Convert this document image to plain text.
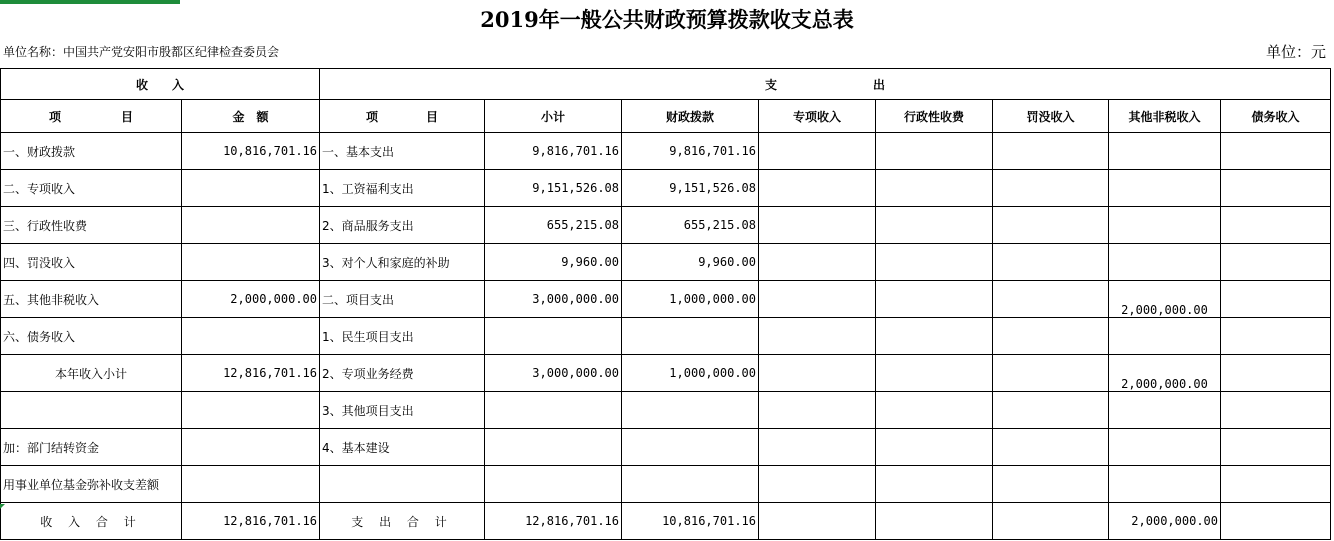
2019年一般公共财政预算拨款收支总表
单位名称：中国共产党安阳市殷都区纪律检查委员会	单位：元
收　　入		支　　　　　　　　出							
项　　　　　目	金　额	项　　　　目	小计	财政拨款	专项收入	行政性收费	罚没收入	其他非税收入	债务收入
一、财政拨款	10,816,701.16	一、基本支出	9,816,701.16	9,816,701.16					
二、专项收入		1、工资福利支出	9,151,526.08	9,151,526.08					
三、行政性收费		2、商品服务支出	655,215.08	655,215.08					
四、罚没收入		3、对个人和家庭的补助	9,960.00	9,960.00					
五、其他非税收入	2,000,000.00	二、项目支出	3,000,000.00	1,000,000.00				2,000,000.00	
六、债务收入		1、民生项目支出							
本年收入小计	12,816,701.16	2、专项业务经费	3,000,000.00	1,000,000.00				2,000,000.00	
		3、其他项目支出							
加：部门结转资金		4、基本建设							
用事业单位基金弥补收支差额									
收 入 合 计	12,816,701.16	支 出 合 计	12,816,701.16	10,816,701.16				2,000,000.00	
